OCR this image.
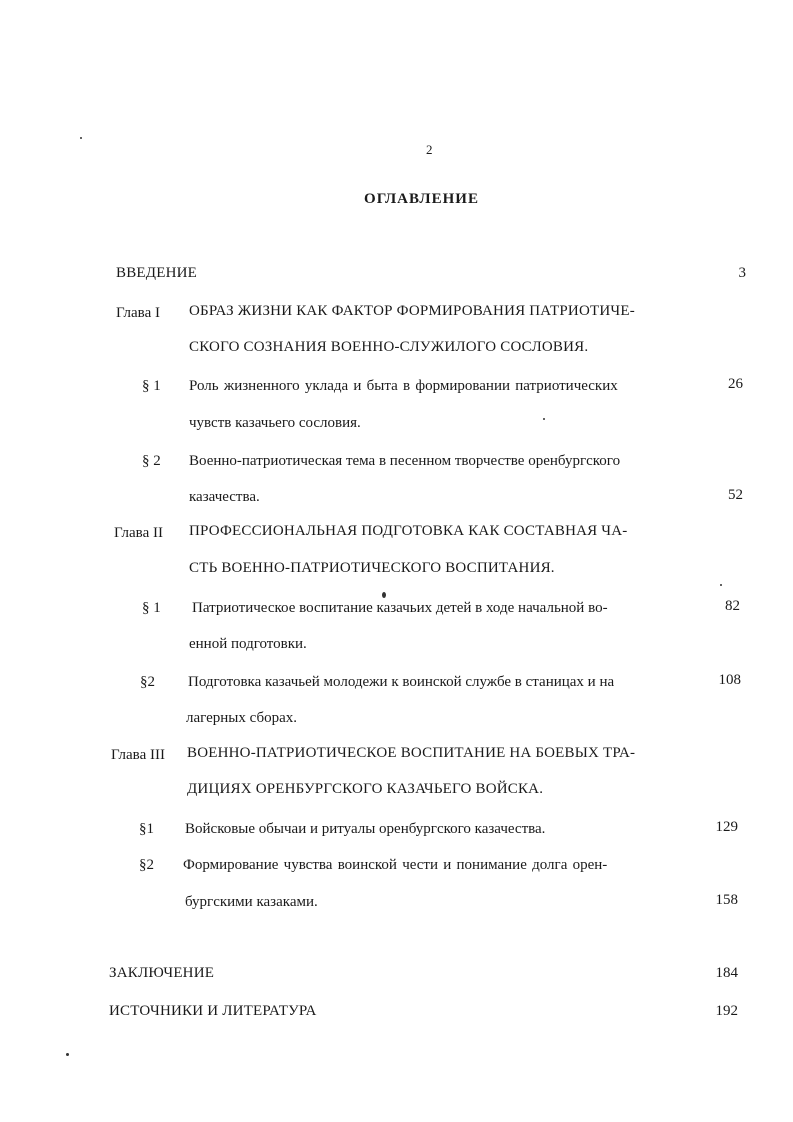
2
ОГЛАВЛЕНИЕ
ВВЕДЕНИЕ	3
Глава I ОБРАЗ ЖИЗНИ КАК ФАКТОР ФОРМИРОВАНИЯ ПАТРИОТИЧЕ-
СКОГО СОЗНАНИЯ ВОЕННО-СЛУЖИЛОГО СОСЛОВИЯ.
§ 1 Роль жизненного уклада и быта в формировании патриотических	26
чувств казачьего сословия.
§ 2 Военно-патриотическая тема в песенном творчестве оренбургского
казачества.	52
Глава II ПРОФЕССИОНАЛЬНАЯ ПОДГОТОВКА КАК СОСТАВНАЯ ЧА-
СТЬ ВОЕННО-ПАТРИОТИЧЕСКОГО ВОСПИТАНИЯ.
§ 1 Патриотическое воспитание казачьих детей в ходе начальной во-	82
енной подготовки.
§2 Подготовка казачьей молодежи к воинской службе в станицах и на	108
лагерных сборах.
Глава III ВОЕННО-ПАТРИОТИЧЕСКОЕ ВОСПИТАНИЕ НА БОЕВЫХ ТРА-
ДИЦИЯХ ОРЕНБУРГСКОГО КАЗАЧЬЕГО ВОЙСКА.
§1 Войсковые обычаи и ритуалы оренбургского казачества.	129
§2 Формирование чувства воинской чести и понимание долга орен-
бургскими казаками.	158
ЗАКЛЮЧЕНИЕ	184
ИСТОЧНИКИ И ЛИТЕРАТУРА	192
